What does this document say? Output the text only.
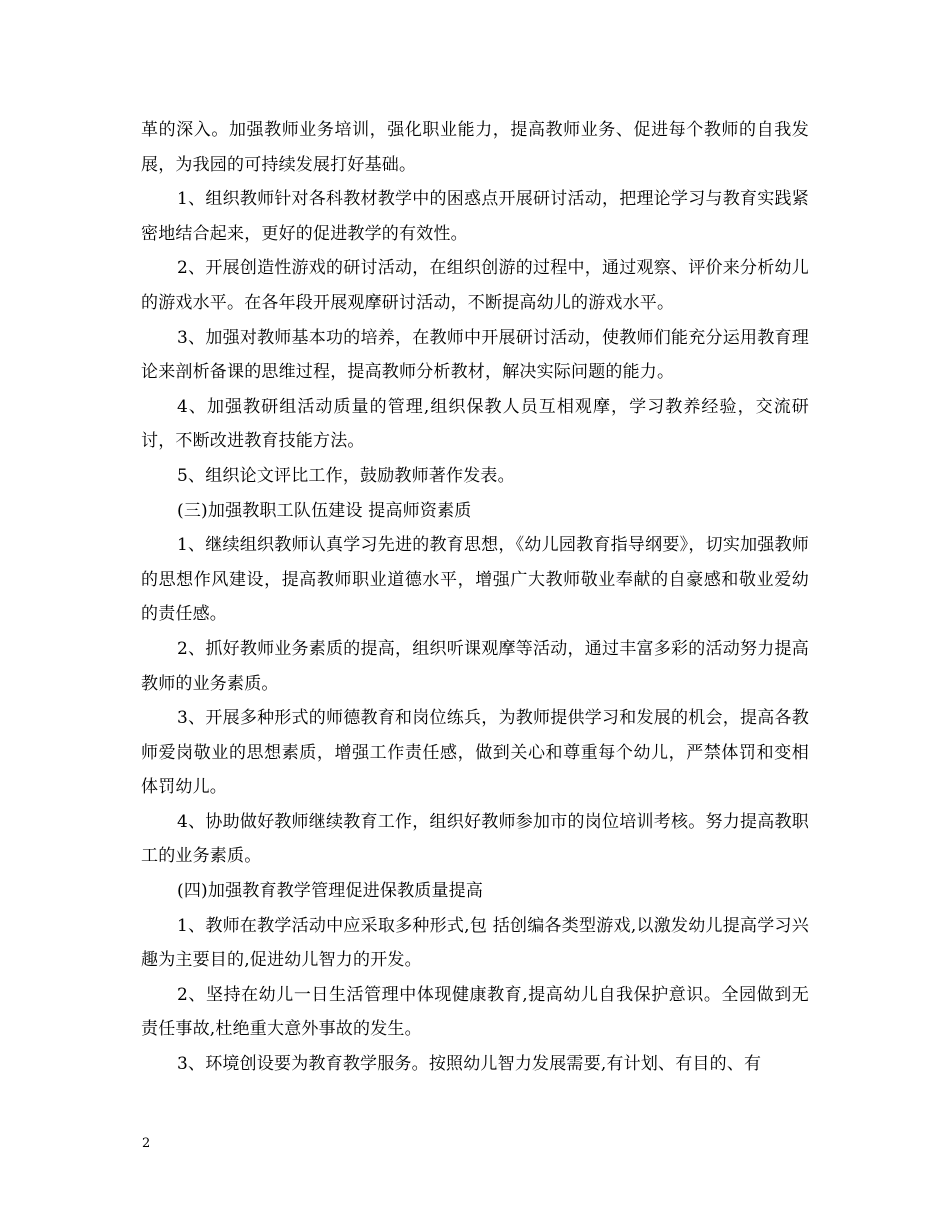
革的深入。加强教师业务培训，强化职业能力，提高教师业务、促进每个教师的自我发展，为我园的可持续发展打好基础。

1、组织教师针对各科教材教学中的困惑点开展研讨活动，把理论学习与教育实践紧密地结合起来，更好的促进教学的有效性。

2、开展创造性游戏的研讨活动，在组织创游的过程中，通过观察、评价来分析幼儿的游戏水平。在各年段开展观摩研讨活动，不断提高幼儿的游戏水平。

3、加强对教师基本功的培养，在教师中开展研讨活动，使教师们能充分运用教育理论来剖析备课的思维过程，提高教师分析教材，解决实际问题的能力。

4、加强教研组活动质量的管理,组织保教人员互相观摩，学习教养经验，交流研讨，不断改进教育技能方法。

5、组织论文评比工作，鼓励教师著作发表。

(三)加强教职工队伍建设 提高师资素质

1、继续组织教师认真学习先进的教育思想，《幼儿园教育指导纲要》，切实加强教师的思想作风建设，提高教师职业道德水平，增强广大教师敬业奉献的自豪感和敬业爱幼的责任感。

2、抓好教师业务素质的提高，组织听课观摩等活动，通过丰富多彩的活动努力提高教师的业务素质。

3、开展多种形式的师德教育和岗位练兵，为教师提供学习和发展的机会，提高各教师爱岗敬业的思想素质，增强工作责任感，做到关心和尊重每个幼儿，严禁体罚和变相体罚幼儿。

4、协助做好教师继续教育工作，组织好教师参加市的岗位培训考核。努力提高教职工的业务素质。

(四)加强教育教学管理促进保教质量提高

1、教师在教学活动中应采取多种形式,包 括创编各类型游戏,以激发幼儿提高学习兴趣为主要目的,促进幼儿智力的开发。

2、坚持在幼儿一日生活管理中体现健康教育,提高幼儿自我保护意识。全园做到无责任事故,杜绝重大意外事故的发生。

3、环境创设要为教育教学服务。按照幼儿智力发展需要,有计划、有目的、有

2
